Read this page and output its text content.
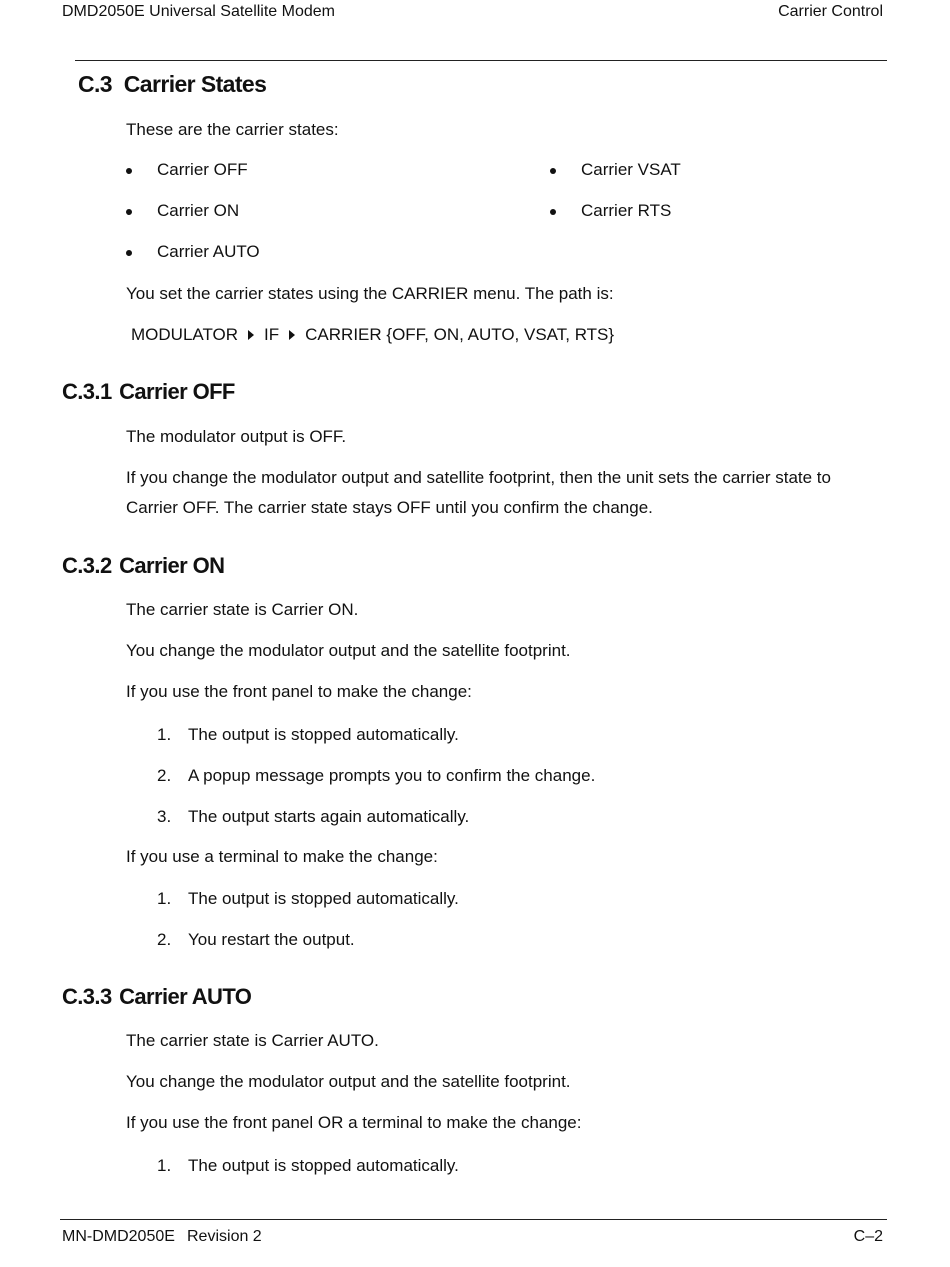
DMD2050E Universal Satellite Modem	Carrier Control
C.3 Carrier States
These are the carrier states:
Carrier OFF
Carrier ON
Carrier AUTO
Carrier VSAT
Carrier RTS
You set the carrier states using the CARRIER menu. The path is:
MODULATOR IF CARRIER {OFF, ON, AUTO, VSAT, RTS}
C.3.1 Carrier OFF
The modulator output is OFF.
If you change the modulator output and satellite footprint, then the unit sets the carrier state to Carrier OFF. The carrier state stays OFF until you confirm the change.
C.3.2 Carrier ON
The carrier state is Carrier ON.
You change the modulator output and the satellite footprint.
If you use the front panel to make the change:
1. The output is stopped automatically.
2. A popup message prompts you to confirm the change.
3. The output starts again automatically.
If you use a terminal to make the change:
1. The output is stopped automatically.
2. You restart the output.
C.3.3 Carrier AUTO
The carrier state is Carrier AUTO.
You change the modulator output and the satellite footprint.
If you use the front panel OR a terminal to make the change:
1. The output is stopped automatically.
MN-DMD2050E Revision 2	C–2
